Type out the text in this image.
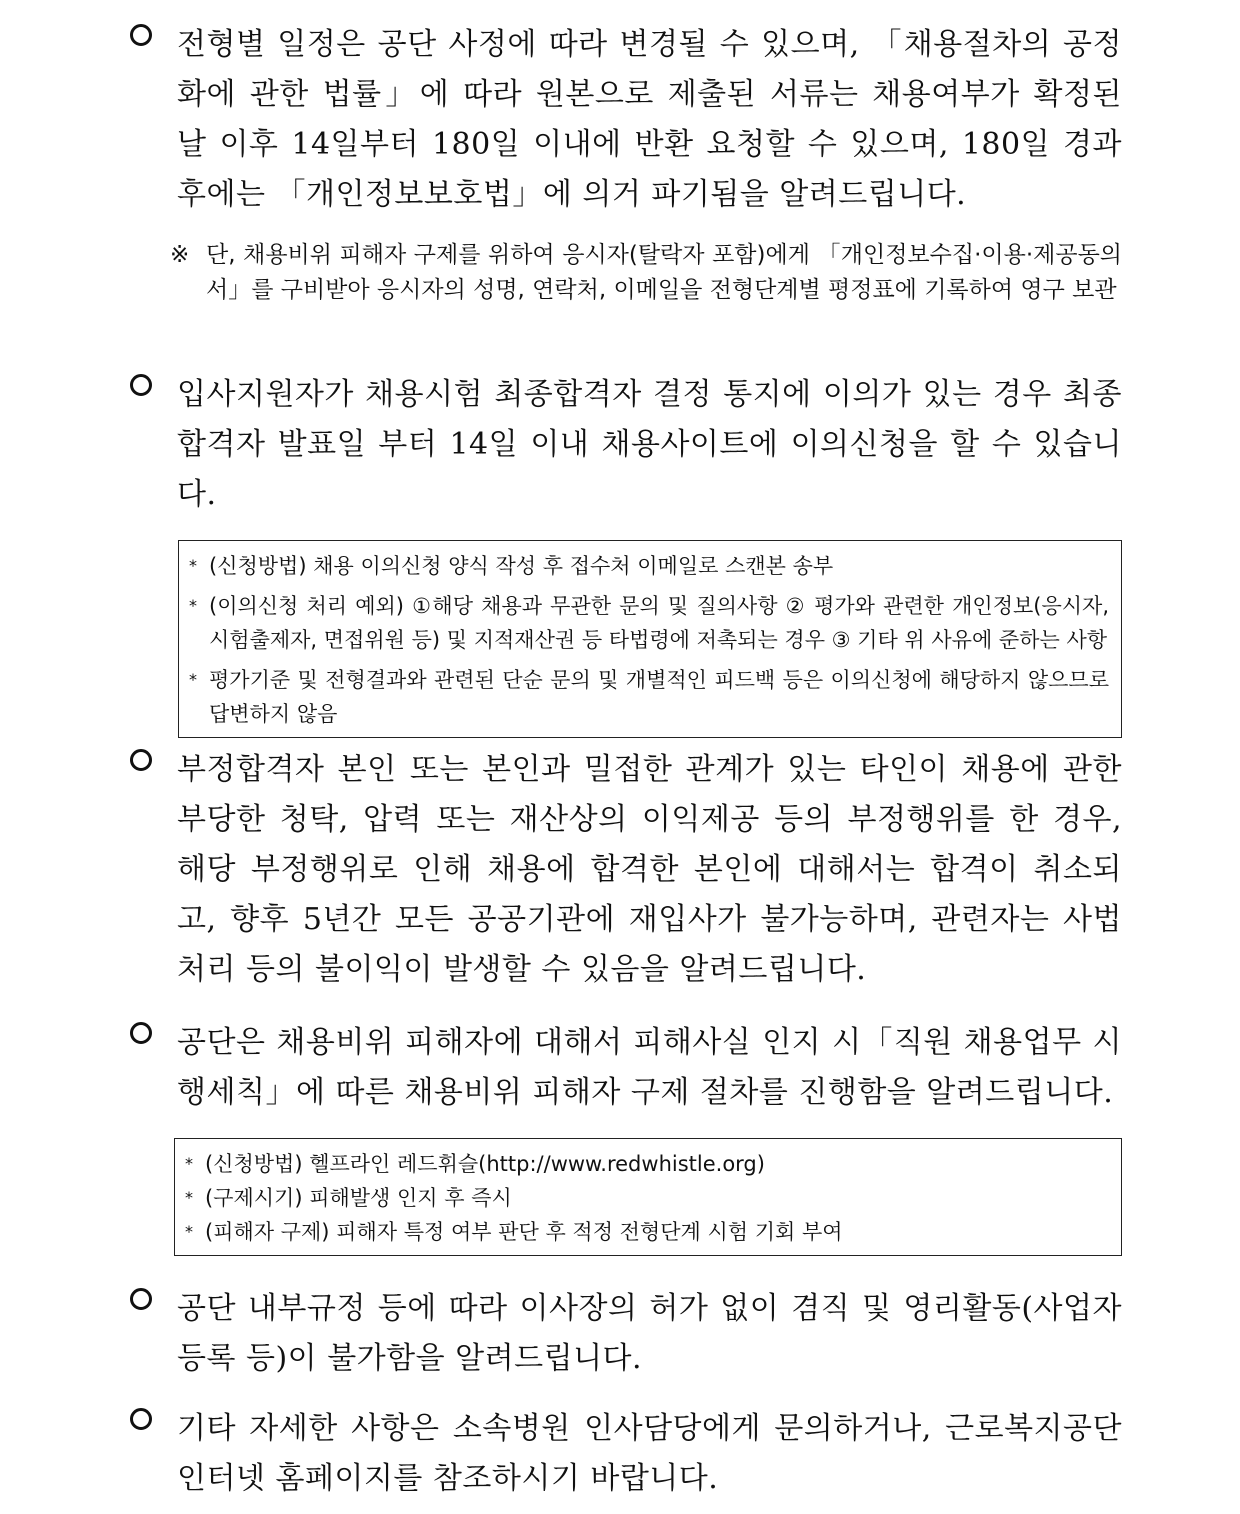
전형별 일정은 공단 사정에 따라 변경될 수 있으며, 「채용절차의 공정화에 관한 법률」에 따라 원본으로 제출된 서류는 채용여부가 확정된 날 이후 14일부터 180일 이내에 반환 요청할 수 있으며, 180일 경과 후에는 「개인정보보호법」에 의거 파기됨을 알려드립니다.
※ 단, 채용비위 피해자 구제를 위하여 응시자(탈락자 포함)에게 「개인정보수집·이용·제공동의서」를 구비받아 응시자의 성명, 연락처, 이메일을 전형단계별 평정표에 기록하여 영구 보관
입사지원자가 채용시험 최종합격자 결정 통지에 이의가 있는 경우 최종합격자 발표일 부터 14일 이내 채용사이트에 이의신청을 할 수 있습니다.
* (신청방법) 채용 이의신청 양식 작성 후 접수처 이메일로 스캔본 송부
* (이의신청 처리 예외) ①해당 채용과 무관한 문의 및 질의사항 ② 평가와 관련한 개인정보(응시자, 시험출제자, 면접위원 등) 및 지적재산권 등 타법령에 저촉되는 경우 ③ 기타 위 사유에 준하는 사항
* 평가기준 및 전형결과와 관련된 단순 문의 및 개별적인 피드백 등은 이의신청에 해당하지 않으므로 답변하지 않음
부정합격자 본인 또는 본인과 밀접한 관계가 있는 타인이 채용에 관한 부당한 청탁, 압력 또는 재산상의 이익제공 등의 부정행위를 한 경우, 해당 부정행위로 인해 채용에 합격한 본인에 대해서는 합격이 취소되고, 향후 5년간 모든 공공기관에 재입사가 불가능하며, 관련자는 사법처리 등의 불이익이 발생할 수 있음을 알려드립니다.
공단은 채용비위 피해자에 대해서 피해사실 인지 시「직원 채용업무 시행세칙」에 따른 채용비위 피해자 구제 절차를 진행함을 알려드립니다.
* (신청방법) 헬프라인 레드휘슬(http://www.redwhistle.org)
* (구제시기) 피해발생 인지 후 즉시
* (피해자 구제) 피해자 특정 여부 판단 후 적정 전형단계 시험 기회 부여
공단 내부규정 등에 따라 이사장의 허가 없이 겸직 및 영리활동(사업자 등록 등)이 불가함을 알려드립니다.
기타 자세한 사항은 소속병원 인사담당에게 문의하거나, 근로복지공단 인터넷 홈페이지를 참조하시기 바랍니다.
